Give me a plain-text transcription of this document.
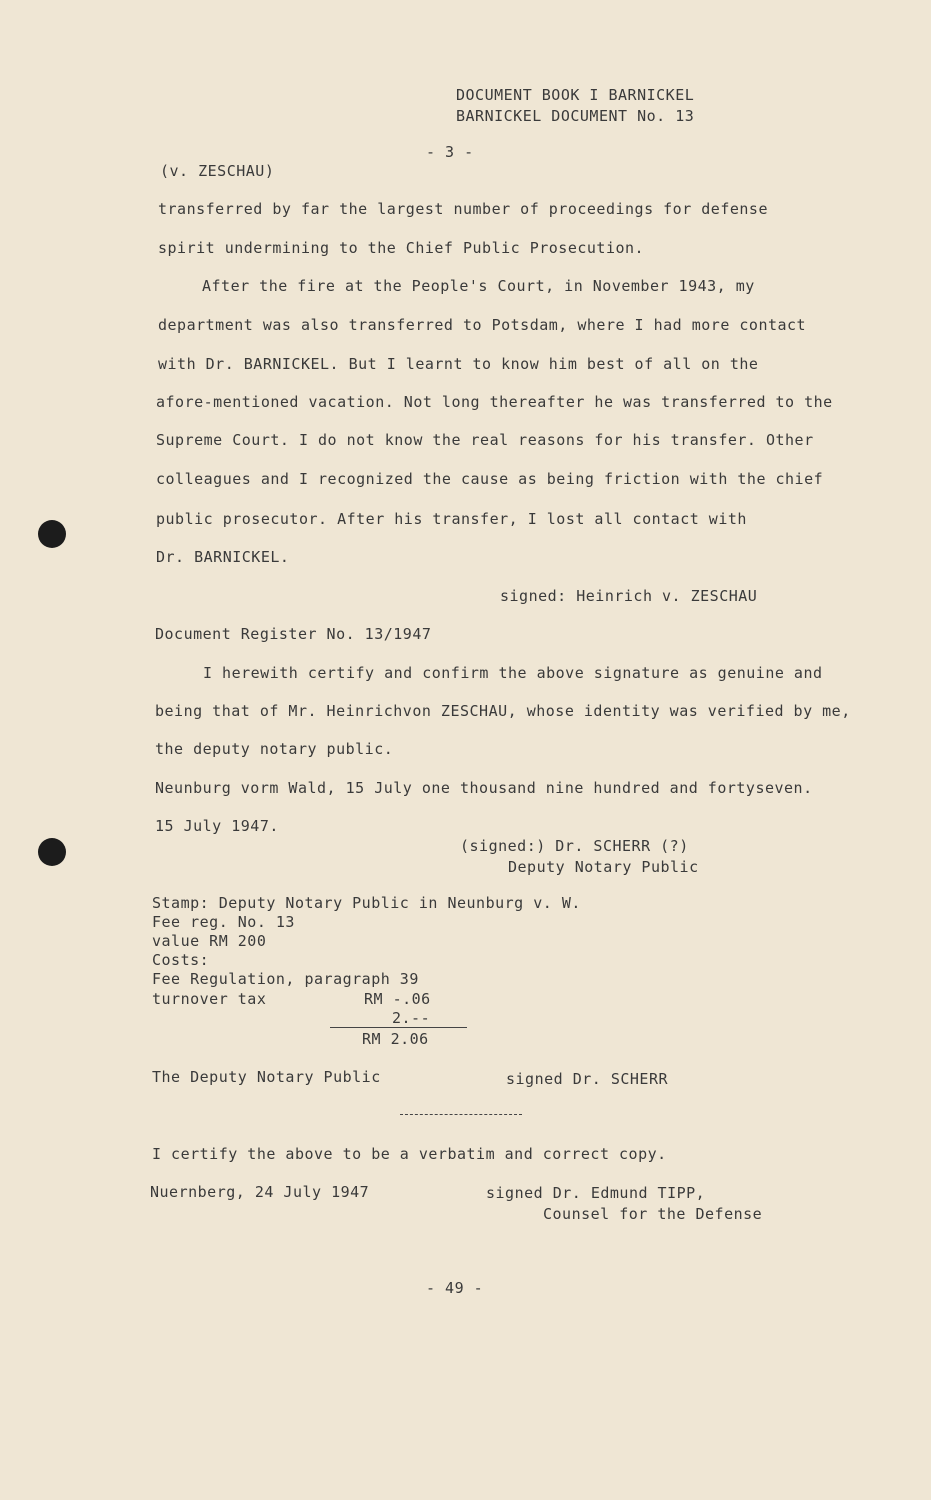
DOCUMENT BOOK I BARNICKEL
BARNICKEL DOCUMENT No. 13
- 3 -
(v. ZESCHAU)
transferred by far the largest number of proceedings for defense
spirit undermining to the Chief Public Prosecution.
After the fire at the People's Court, in November 1943, my
department was also transferred to Potsdam, where I had more contact
with Dr. BARNICKEL. But I learnt to know him best of all on the
afore-mentioned vacation. Not long thereafter he was transferred to the
Supreme Court. I do not know the real reasons for his transfer. Other
colleagues and I recognized the cause as being friction with the chief
public prosecutor. After his transfer, I lost all contact with
Dr. BARNICKEL.
signed: Heinrich v. ZESCHAU
Document Register No. 13/1947
I herewith certify and confirm the above signature as genuine and
being that of Mr. Heinrichvon ZESCHAU, whose identity was verified by me,
the deputy notary public.
Neunburg vorm Wald, 15 July one thousand nine hundred and fortyseven.
15 July 1947.
(signed:) Dr. SCHERR (?)
Deputy Notary Public
Stamp: Deputy Notary Public in Neunburg v. W.
Fee reg. No. 13
value RM 200
Costs:
Fee Regulation, paragraph 39
turnover tax	RM -.06
2.--
RM 2.06
The Deputy Notary Public	signed Dr. SCHERR
I certify the above to be a verbatim and correct copy.
Nuernberg, 24 July 1947	signed Dr. Edmund TIPP,
Counsel for the Defense
- 49 -
